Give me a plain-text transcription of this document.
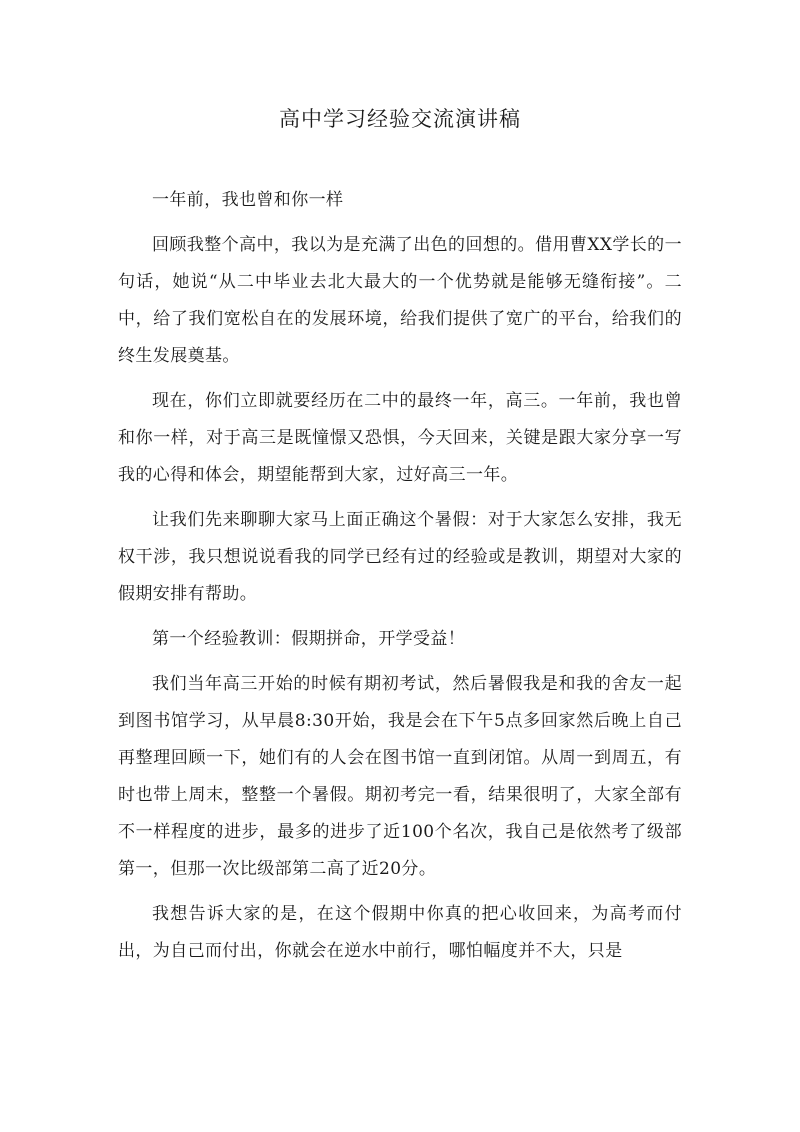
高中学习经验交流演讲稿

一年前，我也曾和你一样

回顾我整个高中，我以为是充满了出色的回想的。借用曹XX学长的一句话，她说“从二中毕业去北大最大的一个优势就是能够无缝衔接”。二中，给了我们宽松自在的发展环境，给我们提供了宽广的平台，给我们的终生发展奠基。

现在，你们立即就要经历在二中的最终一年，高三。一年前，我也曾和你一样，对于高三是既憧憬又恐惧，今天回来，关键是跟大家分享一写我的心得和体会，期望能帮到大家，过好高三一年。

让我们先来聊聊大家马上面正确这个暑假：对于大家怎么安排，我无权干涉，我只想说说看我的同学已经有过的经验或是教训，期望对大家的假期安排有帮助。

第一个经验教训：假期拼命，开学受益！

我们当年高三开始的时候有期初考试，然后暑假我是和我的舍友一起到图书馆学习，从早晨8:30开始，我是会在下午5点多回家然后晚上自己再整理回顾一下，她们有的人会在图书馆一直到闭馆。从周一到周五，有时也带上周末，整整一个暑假。期初考完一看，结果很明了，大家全部有不一样程度的进步，最多的进步了近100个名次，我自己是依然考了级部第一，但那一次比级部第二高了近20分。

我想告诉大家的是，在这个假期中你真的把心收回来，为高考而付出，为自己而付出，你就会在逆水中前行，哪怕幅度并不大，只是
